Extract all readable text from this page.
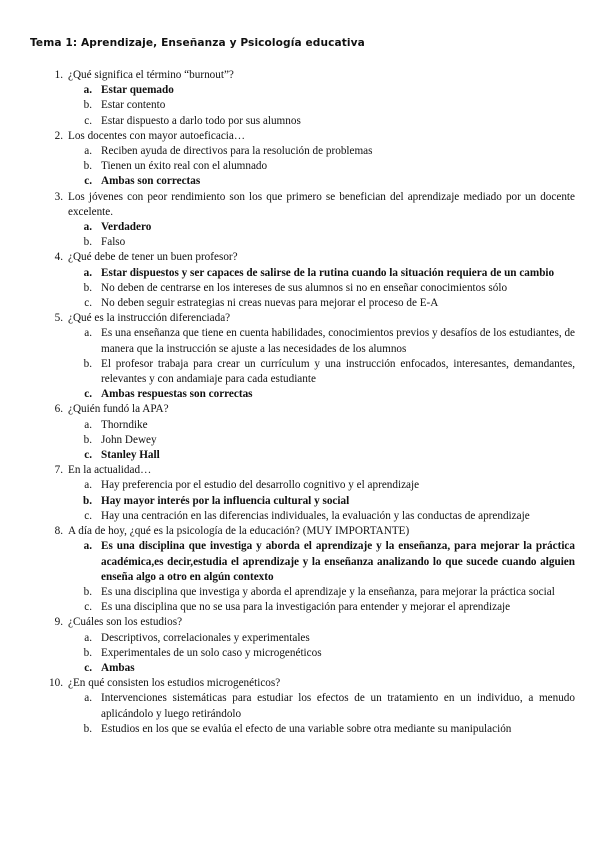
Tema 1: Aprendizaje, Enseñanza y Psicología educativa
1. ¿Qué significa el término “burnout”?
a. Estar quemado
b. Estar contento
c. Estar dispuesto a darlo todo por sus alumnos
2. Los docentes con mayor autoeficacia…
a. Reciben ayuda de directivos para la resolución de problemas
b. Tienen un éxito real con el alumnado
c. Ambas son correctas
3. Los jóvenes con peor rendimiento son los que primero se benefician del aprendizaje mediado por un docente excelente.
a. Verdadero
b. Falso
4. ¿Qué debe de tener un buen profesor?
a. Estar dispuestos y ser capaces de salirse de la rutina cuando la situación requiera de un cambio
b. No deben de centrarse en los intereses de sus alumnos si no en enseñar conocimientos sólo
c. No deben seguir estrategias ni creas nuevas para mejorar el proceso de E-A
5. ¿Qué es la instrucción diferenciada?
a. Es una enseñanza que tiene en cuenta habilidades, conocimientos previos y desafíos de los estudiantes, de manera que la instrucción se ajuste a las necesidades de los alumnos
b. El profesor trabaja para crear un currículum y una instrucción enfocados, interesantes, demandantes, relevantes y con andamiaje para cada estudiante
c. Ambas respuestas son correctas
6. ¿Quién fundó la APA?
a. Thorndike
b. John Dewey
c. Stanley Hall
7. En la actualidad…
a. Hay preferencia por el estudio del desarrollo cognitivo y el aprendizaje
b. Hay mayor interés por la influencia cultural y social
c. Hay una centración en las diferencias individuales, la evaluación y las conductas de aprendizaje
8. A día de hoy, ¿qué es la psicología de la educación? (MUY IMPORTANTE)
a. Es una disciplina que investiga y aborda el aprendizaje y la enseñanza, para mejorar la práctica académica,es decir,estudia el aprendizaje y la enseñanza analizando lo que sucede cuando alguien enseña algo a otro en algún contexto
b. Es una disciplina que investiga y aborda el aprendizaje y la enseñanza, para mejorar la práctica social
c. Es una disciplina que no se usa para la investigación para entender y mejorar el aprendizaje
9. ¿Cuáles son los estudios?
a. Descriptivos, correlacionales y experimentales
b. Experimentales de un solo caso y microgenéticos
c. Ambas
10. ¿En qué consisten los estudios microgenéticos?
a. Intervenciones sistemáticas para estudiar los efectos de un tratamiento en un individuo, a menudo aplicándolo y luego retirándolo
b. Estudios en los que se evalúa el efecto de una variable sobre otra mediante su manipulación
